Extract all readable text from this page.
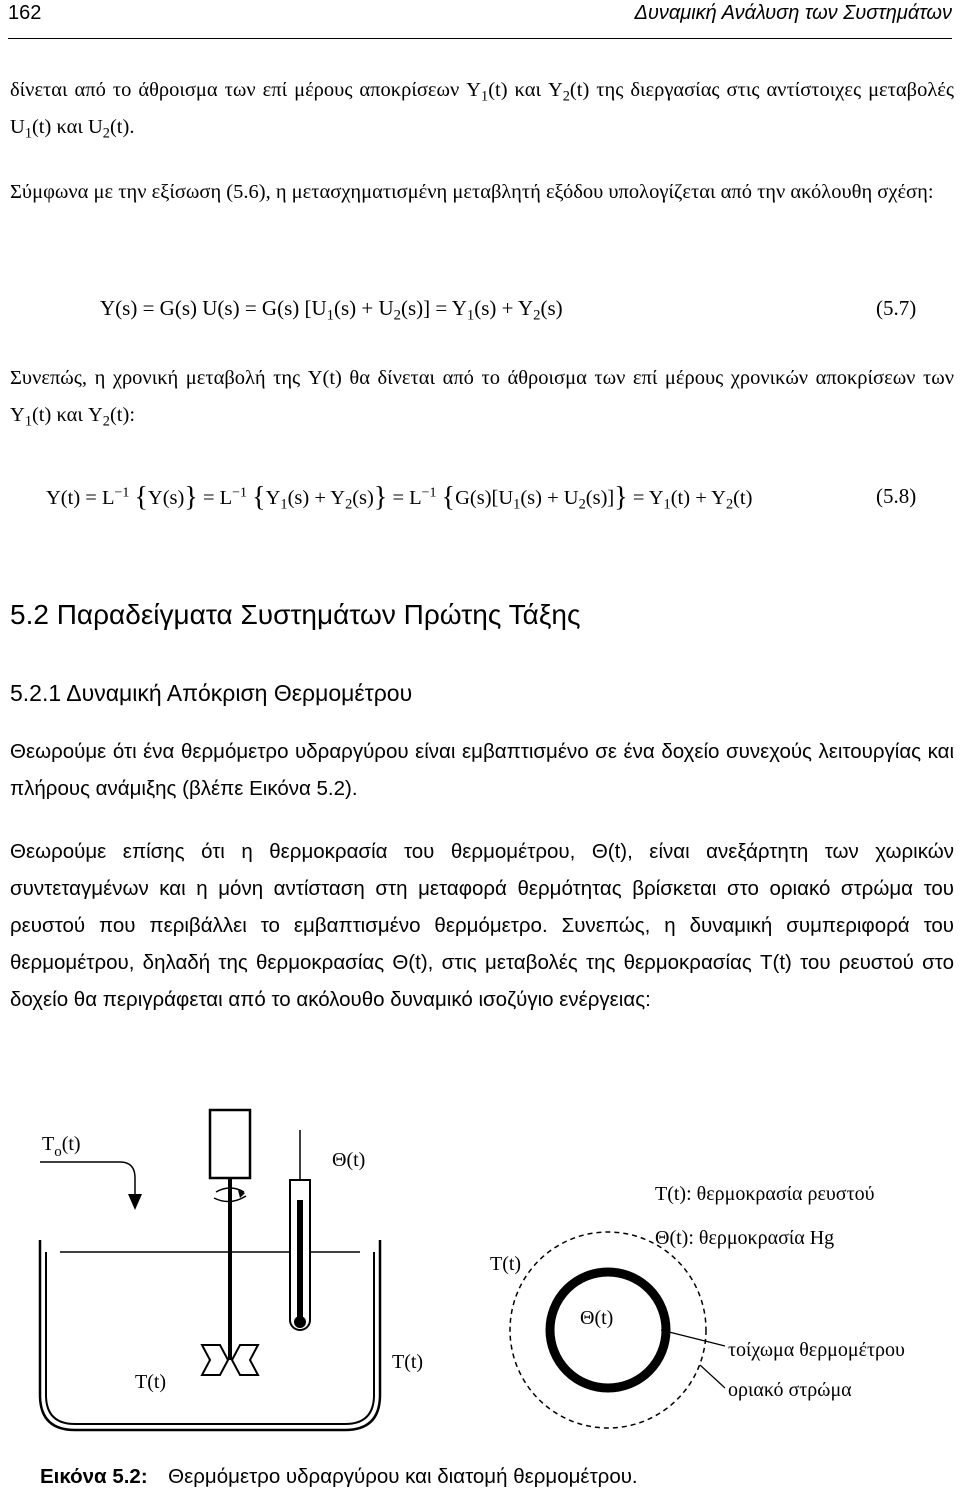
162	Δυναμική Ανάλυση των Συστημάτων
δίνεται από το άθροισμα των επί μέρους αποκρίσεων $Y_1(t)$ και $Y_2(t)$ της διεργασίας στις αντίστοιχες μεταβολές $U_1(t)$ και $U_2(t)$.
Σύμφωνα με την εξίσωση (5.6), η μετασχηματισμένη μεταβλητή εξόδου υπολογίζεται από την ακόλουθη σχέση:
Y(s) = G(s) U(s) = G(s) $[U_1(s) + U_2(s)] = Y_1(s) + Y_2(s)$	(5.7)
Συνεπώς, η χρονική μεταβολή της Y(t) θα δίνεται από το άθροισμα των επί μέρους χρονικών αποκρίσεων των $Y_1(t)$ και $Y_2(t)$:
$Y(t) = L^{-1}$ $\{Y(s)\} = L^{-1}$ $\{Y_1(s) + Y_2(s)\} = L^{-1}$ $\{G(s)[U_1(s) + U_2(s)]\} = Y_1(t) + Y_2(t)$	(5.8)
5.2 Παραδείγματα Συστημάτων Πρώτης Τάξης
5.2.1 Δυναμική Απόκριση Θερμομέτρου
Θεωρούμε ότι ένα θερμόμετρο υδραργύρου είναι εμβαπτισμένο σε ένα δοχείο συνεχούς λειτουργίας και πλήρους ανάμιξης (βλέπε Εικόνα 5.2).
Θεωρούμε επίσης ότι η θερμοκρασία του θερμομέτρου, Θ(t), είναι ανεξάρτητη των χωρικών συντεταγμένων και η μόνη αντίσταση στη μεταφορά θερμότητας βρίσκεται στο οριακό στρώμα του ρευστού που περιβάλλει το εμβαπτισμένο θερμόμετρο. Συνεπώς, η δυναμική συμπεριφορά του θερμομέτρου, δηλαδή της θερμοκρασίας Θ(t), στις μεταβολές της θερμοκρασίας T(t) του ρευστού στο δοχείο θα περιγράφεται από το ακόλουθο δυναμικό ισοζύγιο ενέργειας:
$T_o(t)$
Θ(t)
T(t)
T(t)
T(t)
Θ(t)
T(t): θερμοκρασία ρευστού
Θ(t): θερμοκρασία Hg
τοίχωμα θερμομέτρου
οριακό στρώμα
Εικόνα 5.2: Θερμόμετρο υδραργύρου και διατομή θερμομέτρου.
